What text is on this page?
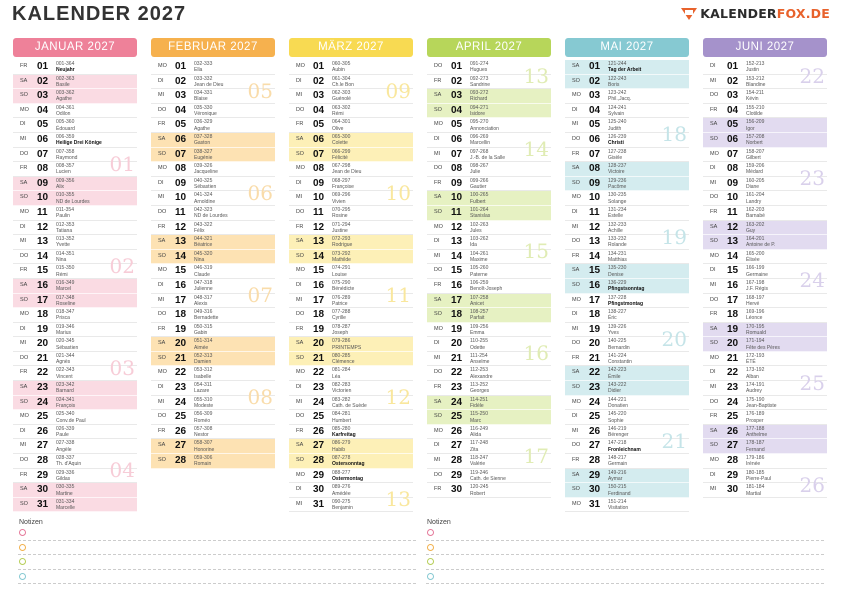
KALENDER 2027	KALENDERFOX.DE
JANUAR 2027
FR 01 001-364
Neujahr
SA 02 002-363
Basile
SO 03 003-362
Agathe
MO 04 004-361
Odilon
DI 05 005-360
Édouard
MI 06 006-359
Heilige Drei Könige
DO 07 007-358
Raymond
FR 08 008-357
Lucien
SA 09 009-356
Alix
SO 10 010-355
ND de Lourdes
MO 11 011-354
Paulin
DI 12 012-353
Tatiana
MI 13 013-352
Yvette
DO 14 014-351
Nina
FR 15 015-350
Rémi
SA 16 016-349
Marcel
SO 17 017-348
Roseline
MO 18 018-347
Prisca
DI 19 019-346
Marius
MI 20 020-345
Sébastien
DO 21 021-344
Agnès
FR 22 022-343
Vincent
SA 23 023-342
Barnard
SO 24 024-341
François
MO 25 025-340
Conv.de Paul
DI 26 026-339
Paule
MI 27 027-338
Angèle
DO 28 028-337
Th. d'Aquin
FR 29 029-336
Gildas
SA 30 030-335
Martine
SO 31 031-334
Marcelle
01
02
03
04
FEBRUAR 2027
MO 01 032-333
Ella
DI 02 033-332
Jean de Dieu
MI 03 034-331
Blaise
DO 04 035-330
Véronique
FR 05 036-329
Agathe
SA 06 037-328
Gaston
SO 07 038-327
Eugénie
MO 08 039-326
Jacqueline
DI 09 040-325
Sébastien
MI 10 041-324
Arnoldine
DO 11 042-323
ND de Lourdes
FR 12 043-322
Félix
SA 13 044-321
Béatrice
SO 14 045-320
Nina
MO 15 046-319
Claude
DI 16 047-318
Julienne
MI 17 048-317
Alexis
DO 18 049-316
Bernadette
FR 19 050-315
Gabin
SA 20 051-314
Aimée
SO 21 052-313
Damien
MO 22 053-312
Isabelle
DI 23 054-311
Lazare
MI 24 055-310
Modeste
DO 25 056-309
Roméo
FR 26 057-308
Nestor
SA 27 058-307
Honorine
SO 28 059-306
Romain
05
06
07
08
MÄRZ 2027
MO 01 060-305
Aubin
DI 02 061-304
Ch.le Bon
MI 03 062-303
Guénolé
DO 04 063-302
Rémi
FR 05 064-301
Olive
SA 06 065-300
Colette
SO 07 066-299
Félicité
MO 08 067-298
Jean de Dieu
DI 09 068-297
Françoise
MI 10 069-296
Vivien
DO 11 070-295
Rosine
FR 12 071-294
Justine
SA 13 072-293
Rodrigue
SO 14 073-292
Mathilde
MO 15 074-291
Louise
DI 16 075-290
Bénédicte
MI 17 076-289
Patrice
DO 18 077-288
Cyrille
FR 19 078-287
Joseph
SA 20 079-286
PRINTEMPS
SO 21 080-285
Clémence
MO 22 081-284
Léa
DI 23 082-283
Victorien
MI 24 083-282
Cath. de Suède
DO 25 084-281
Humbert
FR 26 085-280
Karfreitag
SA 27 086-279
Habib
SO 28 087-278
Ostersonntag
MO 29 088-277
Ostermontag
DI 30 089-276
Amédée
MI 31 090-275
Benjamin
09
10
11
12
13
APRIL 2027
DO 01 091-274
Hugues
FR 02 092-273
Sandrine
SA 03 093-272
Richard
SO 04 094-271
Isidore
MO 05 095-270
Annonciation
DI 06 096-269
Marcellin
MI 07 097-268
J.-B. de la Salle
DO 08 098-267
Julie
FR 09 099-266
Gautier
SA 10 100-265
Fulbert
SO 11 101-264
Stanislas
MO 12 102-263
Jules
DI 13 103-262
Ida
MI 14 104-261
Maxime
DO 15 105-260
Paterne
FR 16 106-259
Benoît-Joseph
SA 17 107-258
Anicet
SO 18 108-257
Parfait
MO 19 109-256
Emma
DI 20 110-255
Odette
MI 21 111-254
Anselme
DO 22 112-253
Alexandre
FR 23 113-252
Georges
SA 24 114-251
Fidèle
SO 25 115-250
Marc
MO 26 116-249
Alida
DI 27 117-248
Zita
MI 28 118-247
Valérie
DO 29 119-246
Cath. de Sienne
FR 30 120-245
Robert
13
14
15
16
17
MAI 2027
SA 01 121-244
Tag der Arbeit
SO 02 122-243
Boris
MO 03 123-242
Phil.,Jacq.
DI 04 124-241
Sylvain
MI 05 125-240
Judith
DO 06 126-239
Christi
FR 07 127-238
Gisèle
SA 08 128-237
Victoire
SO 09 129-236
Pacôme
MO 10 130-235
Solange
DI 11 131-234
Estelle
MI 12 132-233
Achille
DO 13 133-232
Rolande
FR 14 134-231
Matthias
SA 15 135-230
Denise
SO 16 136-229
Pfingstsonntag
MO 17 137-228
Pfingstmontag
DI 18 138-227
Éric
MI 19 139-226
Yves
DO 20 140-225
Bernardin
FR 21 141-224
Constantin
SA 22 142-223
Émile
SO 23 143-222
Didier
MO 24 144-221
Donatien
DI 25 145-220
Sophie
MI 26 146-219
Bérenger
DO 27 147-218
Fronleichnam
FR 28 148-217
Germain
SA 29 149-216
Aymar
SO 30 150-215
Ferdinand
MO 31 151-214
Visitation
18
19
20
21
JUNI 2027
DI 01 152-213
Justin
MI 02 153-212
Blandine
DO 03 154-211
Kévin
FR 04 155-210
Clotilde
SA 05 156-209
Igor
SO 06 157-208
Norbert
MO 07 158-207
Gilbert
DI 08 159-206
Médard
MI 09 160-205
Diane
DO 10 161-204
Landry
FR 11 162-203
Barnabé
SA 12 163-202
Guy
SO 13 164-201
Antoine de P.
MO 14 165-200
Élisée
DI 15 166-199
Germaine
MI 16 167-198
J.F. Régis
DO 17 168-197
Hervé
FR 18 169-196
Léonce
SA 19 170-195
Romuald
SO 20 171-194
Fête des Pères
MO 21 172-193
ÉTÉ
DI 22 173-192
Alban
MI 23 174-191
Audrey
DO 24 175-190
Jean-Baptiste
FR 25 176-189
Prosper
SA 26 177-188
Anthelme
SO 27 178-187
Fernand
MO 28 179-186
Irénée
DI 29 180-185
Pierre-Paul
MI 30 181-184
Martial
22
23
24
25
26
Notizen	Notizen
